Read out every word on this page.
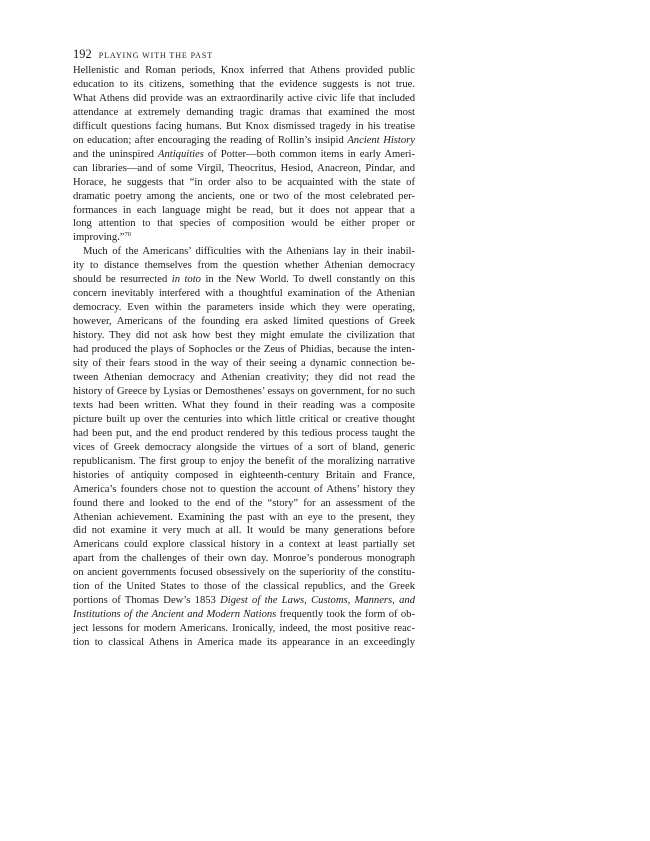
192 PLAYING WITH THE PAST
Hellenistic and Roman periods, Knox inferred that Athens provided public
education to its citizens, something that the evidence suggests is not true.
What Athens did provide was an extraordinarily active civic life that included
attendance at extremely demanding tragic dramas that examined the most
difficult questions facing humans. But Knox dismissed tragedy in his treatise
on education; after encouraging the reading of Rollin’s insipid Ancient History
and the uninspired Antiquities of Potter—both common items in early Ameri-
can libraries—and of some Virgil, Theocritus, Hesiod, Anacreon, Pindar, and
Horace, he suggests that “in order also to be acquainted with the state of
dramatic poetry among the ancients, one or two of the most celebrated per-
formances in each language might be read, but it does not appear that a
long attention to that species of composition would be either proper or
improving.”$^{70}$
Much of the Americans’ difficulties with the Athenians lay in their inabil-
ity to distance themselves from the question whether Athenian democracy
should be resurrected in toto in the New World. To dwell constantly on this
concern inevitably interfered with a thoughtful examination of the Athenian
democracy. Even within the parameters inside which they were operating,
however, Americans of the founding era asked limited questions of Greek
history. They did not ask how best they might emulate the civilization that
had produced the plays of Sophocles or the Zeus of Phidias, because the inten-
sity of their fears stood in the way of their seeing a dynamic connection be-
tween Athenian democracy and Athenian creativity; they did not read the
history of Greece by Lysias or Demosthenes’ essays on government, for no such
texts had been written. What they found in their reading was a composite
picture built up over the centuries into which little critical or creative thought
had been put, and the end product rendered by this tedious process taught the
vices of Greek democracy alongside the virtues of a sort of bland, generic
republicanism. The first group to enjoy the benefit of the moralizing narrative
histories of antiquity composed in eighteenth-century Britain and France,
America’s founders chose not to question the account of Athens’ history they
found there and looked to the end of the “story” for an assessment of the
Athenian achievement. Examining the past with an eye to the present, they
did not examine it very much at all. It would be many generations before
Americans could explore classical history in a context at least partially set
apart from the challenges of their own day. Monroe’s ponderous monograph
on ancient governments focused obsessively on the superiority of the constitu-
tion of the United States to those of the classical republics, and the Greek
portions of Thomas Dew’s 1853 Digest of the Laws, Customs, Manners, and
Institutions of the Ancient and Modern Nations frequently took the form of ob-
ject lessons for modern Americans. Ironically, indeed, the most positive reac-
tion to classical Athens in America made its appearance in an exceedingly
